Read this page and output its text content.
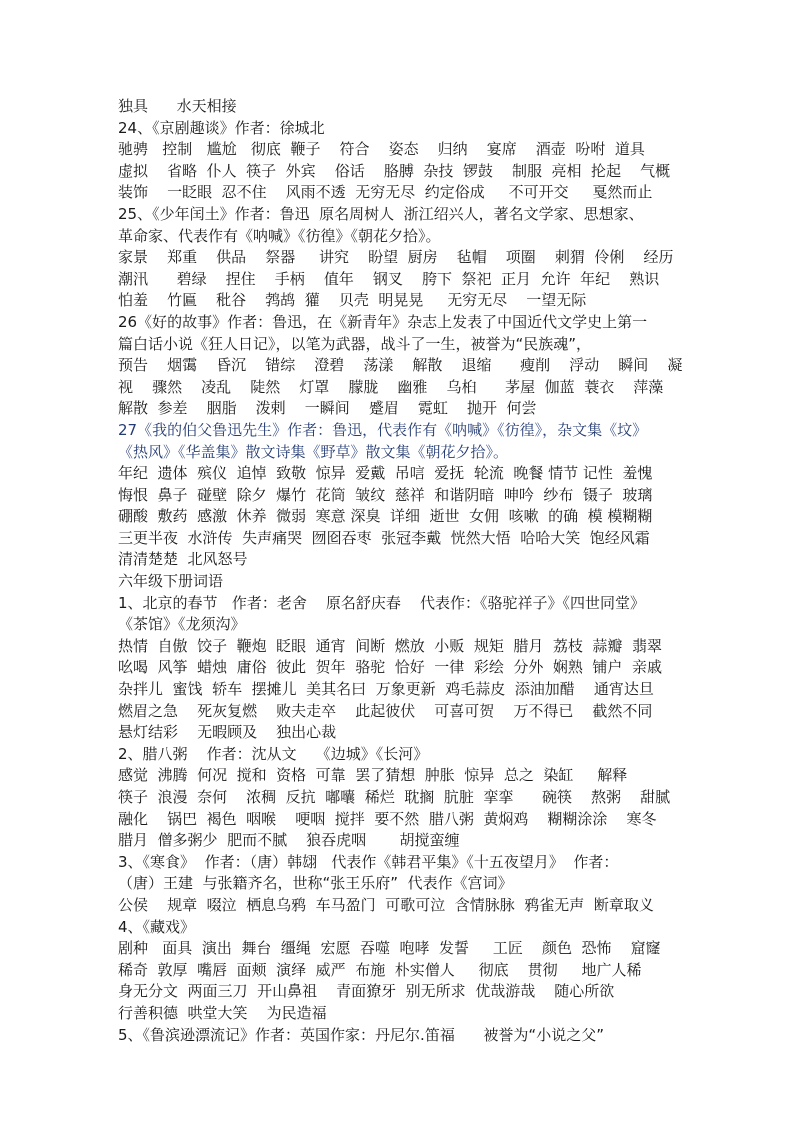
独具      水天相接
24、《京剧趣谈》作者：徐城北
驰骋   控制   尴尬   彻底  鞭子    符合    姿态    归纳    宴席    酒壶  吩咐  道具
虚拟    省略  仆人  筷子  外宾    俗话    胳膊  杂技  锣鼓    制服  亮相  抡起    气概
装饰    一眨眼  忍不住    风雨不透  无穷无尽  约定俗成     不可开交     戛然而止
25、《少年闰土》作者：鲁迅  原名周树人  浙江绍兴人，著名文学家、思想家、
革命家、代表作有《呐喊》《彷徨》《朝花夕拾》。
家景    郑重    供品    祭器     讲究    盼望  厨房    毡帽    项圈    刺猬  伶俐    经历
潮汛      碧绿    捏住    手柄    值年    钢叉    胯下  祭祀  正月  允许  年纪    熟识
怕羞    竹匾    秕谷    鹁鸪  獾    贝壳  明晃晃     无穷无尽    一望无际
26《好的故事》作者：鲁迅，在《新青年》杂志上发表了中国近代文学史上第一
篇白话小说《狂人日记》，以笔为武器，战斗了一生，被誉为“民族魂”，
预告    烟霭    昏沉    错综    澄碧    荡漾    解散    退缩      瘦削    浮动    瞬间    凝
视    骤然    凌乱    陡然    灯罩    朦胧    幽雅    乌桕      茅屋  伽蓝  蓑衣    萍藻
解散  参差    胭脂    泼剌    一瞬间    蹙眉    霓虹    抛开  何尝
27《我的伯父鲁迅先生》作者：鲁迅，代表作有《呐喊》《彷徨》，杂文集《坟》
《热风》《华盖集》散文诗集《野草》散文集《朝花夕拾》。
年纪  遗体  殡仪  追悼  致敬  惊异  爱戴  吊唁  爱抚  轮流  晚餐 情节 记性  羞愧
悔恨  鼻子  碰壁  除夕  爆竹  花筒  皱纹  慈祥  和谐阴暗  呻吟  纱布  镊子  玻璃
硼酸  敷药  感激  休养  微弱  寒意 深臭  详细  逝世  女佣  咳嗽  的确  模 模糊糊
三更半夜  水浒传  失声痛哭  囫囵吞枣  张冠李戴  恍然大悟  哈哈大笑  饱经风霜
清清楚楚  北风怒号
六年级下册词语
1、北京的春节   作者：老舍    原名舒庆春    代表作：《骆驼祥子》《四世同堂》
《茶馆》《龙须沟》
热情  自傲  饺子  鞭炮  眨眼  通宵  间断  燃放  小贩  规矩  腊月  荔枝  蒜瓣  翡翠
吆喝  风筝  蜡烛  庸俗  彼此  贺年  骆驼  恰好  一律  彩绘  分外  娴熟  铺户  亲戚
杂拌儿  蜜饯  轿车  摆摊儿  美其名曰  万象更新  鸡毛蒜皮  添油加醋    通宵达旦
燃眉之急    死灰复燃    败夫走卒    此起彼伏    可喜可贺    万不得已    截然不同
悬灯结彩    无暇顾及    独出心裁
2、腊八粥    作者：沈从文    《边城》《长河》
感觉  沸腾  何况  搅和  资格  可靠  罢了猜想  肿胀  惊异  总之  染缸     解释
筷子  浪漫  奈何    浓稠  反抗  嘟囔  稀烂  耽搁  肮脏  挛挛      碗筷    熬粥    甜腻
融化    锅巴  褐色  咽喉    哽咽  搅拌  要不然  腊八粥  黄焖鸡    糊糊涂涂    寒冬
腊月  僧多粥少  肥而不腻    狼吞虎咽       胡搅蛮缠
3、《寒食》  作者：（唐）韩翃   代表作《韩君平集》《十五夜望月》  作者：
（唐）王建  与张籍齐名，世称“张王乐府”  代表作《宫词》
公侯    规章  啜泣  栖息乌鸦  车马盈门  可歌可泣  含情脉脉  鸦雀无声  断章取义
4、《藏戏》
剧种   面具  演出  舞台  缰绳  宏愿  吞噬  咆哮  发誓     工匠    颜色  恐怖    窟窿
稀奇  敦厚  嘴唇  面颊  演绎  威严  布施  朴实僧人     彻底    贯彻     地广人稀
身无分文  两面三刀  开山鼻祖    青面獠牙  别无所求  优哉游哉    随心所欲
行善积德  哄堂大笑    为民造福
5、《鲁滨逊漂流记》作者：英国作家：丹尼尔.笛福      被誉为“小说之父”
